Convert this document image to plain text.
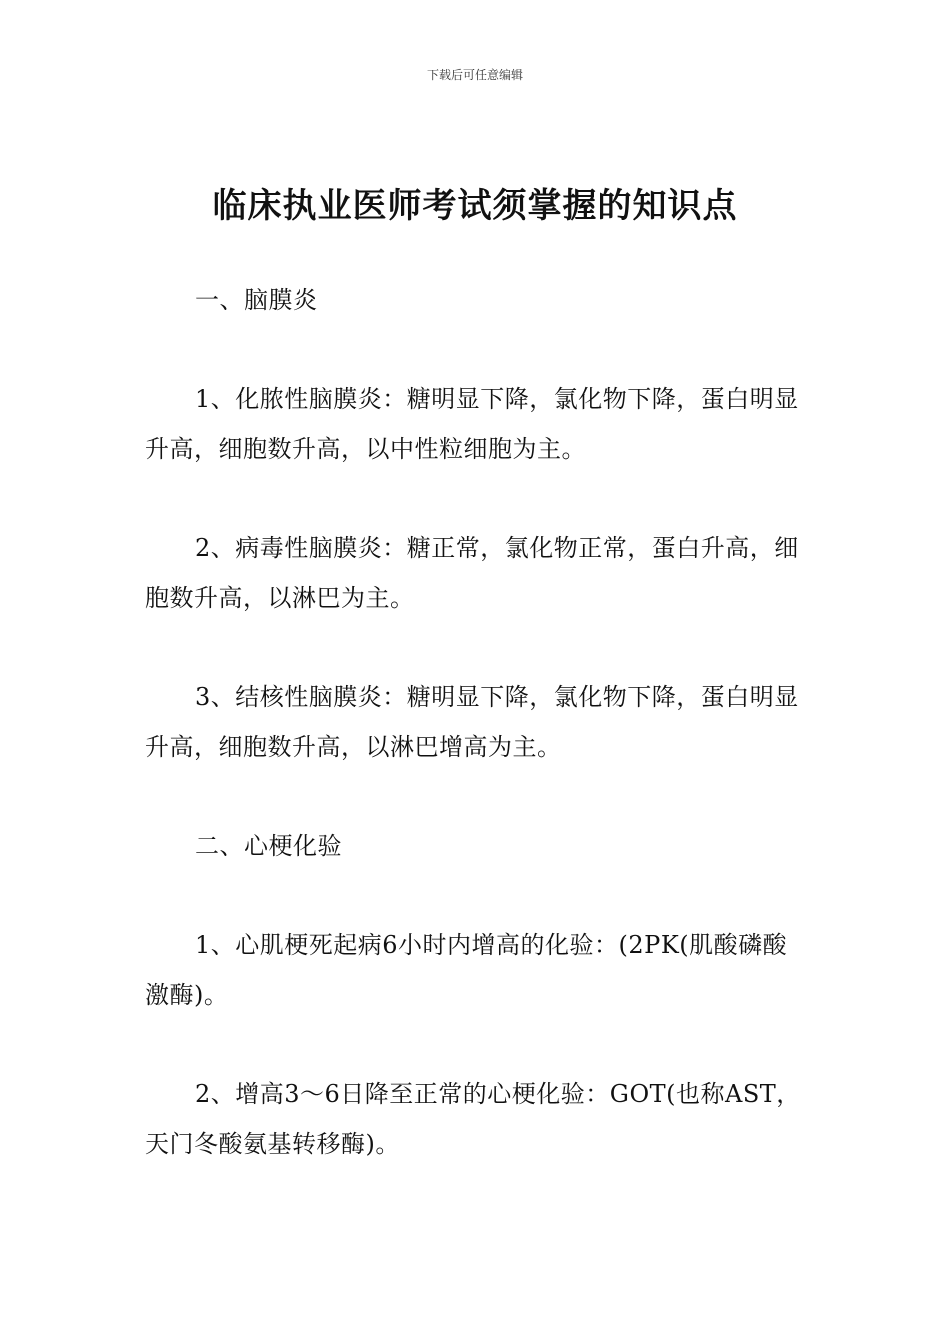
下载后可任意编辑
临床执业医师考试须掌握的知识点

一、脑膜炎

1、化脓性脑膜炎：糖明显下降，氯化物下降，蛋白明显升高，细胞数升高，以中性粒细胞为主。

2、病毒性脑膜炎：糖正常，氯化物正常，蛋白升高，细胞数升高，以淋巴为主。

3、结核性脑膜炎：糖明显下降，氯化物下降，蛋白明显升高，细胞数升高，以淋巴增高为主。

二、心梗化验

1、心肌梗死起病6小时内增高的化验：(2PK(肌酸磷酸激酶)。

2、增高3～6日降至正常的心梗化验：GOT(也称AST，天门冬酸氨基转移酶)。
